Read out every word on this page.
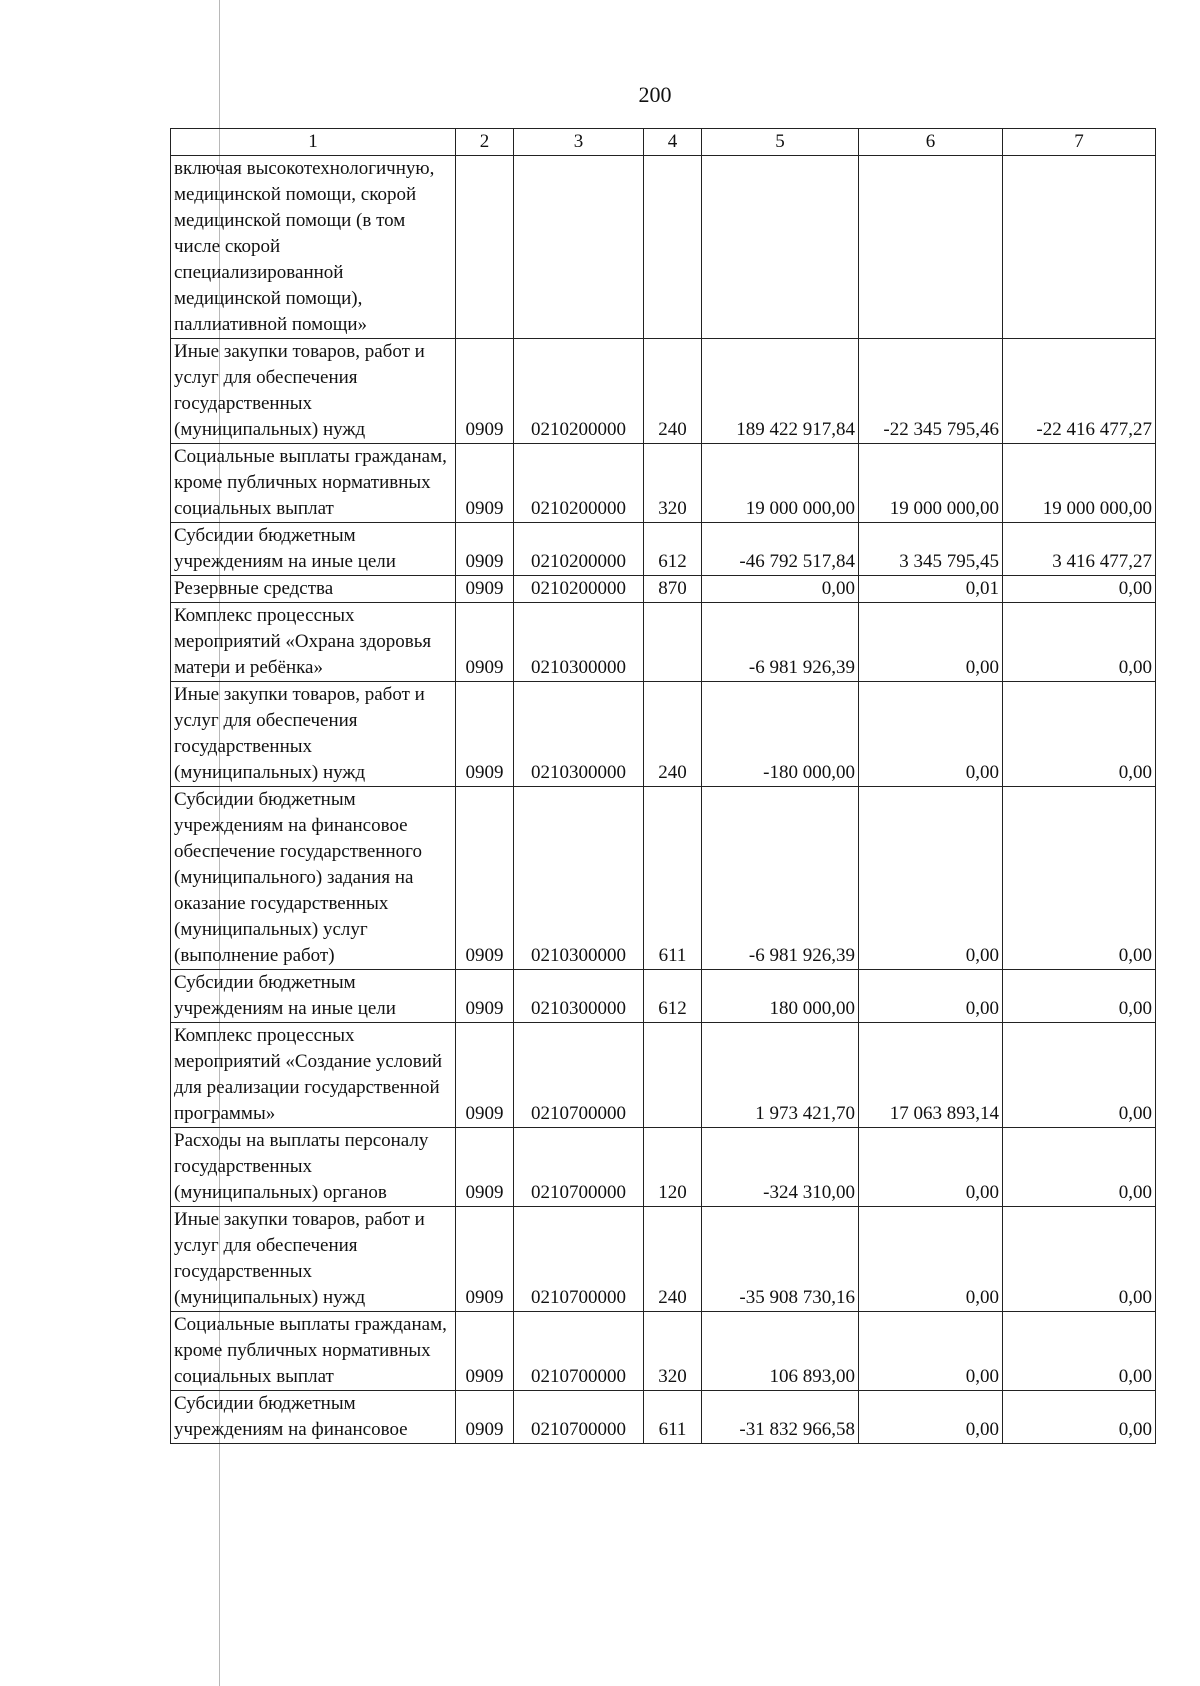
200
1	2	3	4	5	6	7
включая высокотехнологичную, медицинской помощи, скорой медицинской помощи (в том числе скорой специализированной медицинской помощи), паллиативной помощи»						
Иные закупки товаров, работ и услуг для обеспечения государственных (муниципальных) нужд	0909	0210200000	240	189 422 917,84	-22 345 795,46	-22 416 477,27
Социальные выплаты гражданам, кроме публичных нормативных социальных выплат	0909	0210200000	320	19 000 000,00	19 000 000,00	19 000 000,00
Субсидии бюджетным учреждениям на иные цели	0909	0210200000	612	-46 792 517,84	3 345 795,45	3 416 477,27
Резервные средства	0909	0210200000	870	0,00	0,01	0,00
Комплекс процессных мероприятий «Охрана здоровья матери и ребёнка»	0909	0210300000		-6 981 926,39	0,00	0,00
Иные закупки товаров, работ и услуг для обеспечения государственных (муниципальных) нужд	0909	0210300000	240	-180 000,00	0,00	0,00
Субсидии бюджетным учреждениям на финансовое обеспечение государственного (муниципального) задания на оказание государственных (муниципальных) услуг (выполнение работ)	0909	0210300000	611	-6 981 926,39	0,00	0,00
Субсидии бюджетным учреждениям на иные цели	0909	0210300000	612	180 000,00	0,00	0,00
Комплекс процессных мероприятий «Создание условий для реализации государственной программы»	0909	0210700000		1 973 421,70	17 063 893,14	0,00
Расходы на выплаты персоналу государственных (муниципальных) органов	0909	0210700000	120	-324 310,00	0,00	0,00
Иные закупки товаров, работ и услуг для обеспечения государственных (муниципальных) нужд	0909	0210700000	240	-35 908 730,16	0,00	0,00
Социальные выплаты гражданам, кроме публичных нормативных социальных выплат	0909	0210700000	320	106 893,00	0,00	0,00
Субсидии бюджетным учреждениям на финансовое	0909	0210700000	611	-31 832 966,58	0,00	0,00
